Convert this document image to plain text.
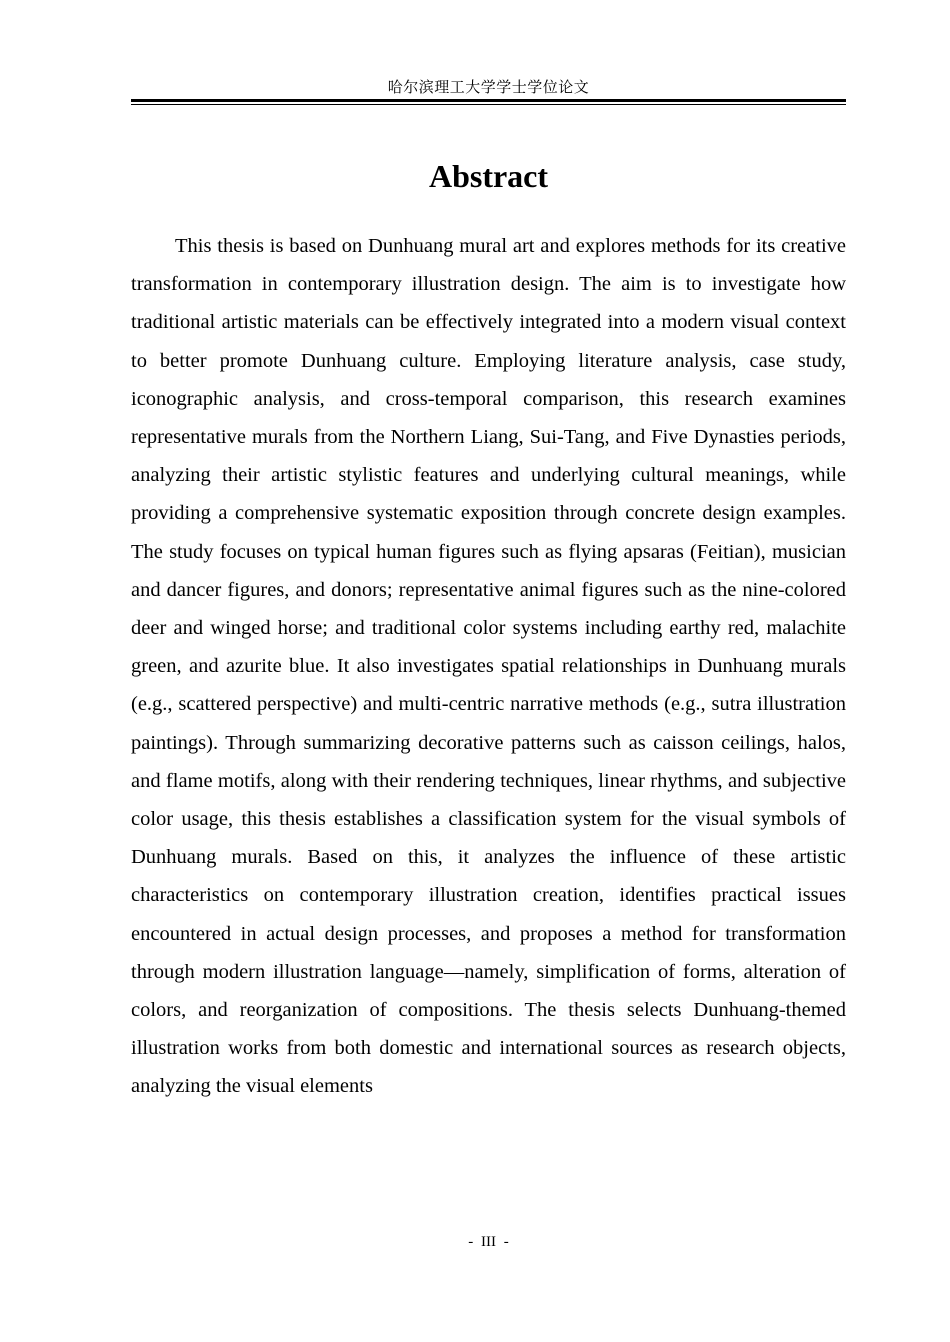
哈尔滨理工大学学士学位论文
Abstract

This thesis is based on Dunhuang mural art and explores methods for its creative transformation in contemporary illustration design. The aim is to investigate how traditional artistic materials can be effectively integrated into a modern visual context to better promote Dunhuang culture. Employing literature analysis, case study, iconographic analysis, and cross-temporal comparison, this research examines representative murals from the Northern Liang, Sui-Tang, and Five Dynasties periods, analyzing their artistic stylistic features and underlying cultural meanings, while providing a comprehensive systematic exposition through concrete design examples. The study focuses on typical human figures such as flying apsaras (Feitian), musician and dancer figures, and donors; representative animal figures such as the nine-colored deer and winged horse; and traditional color systems including earthy red, malachite green, and azurite blue. It also investigates spatial relationships in Dunhuang murals (e.g., scattered perspective) and multi-centric narrative methods (e.g., sutra illustration paintings). Through summarizing decorative patterns such as caisson ceilings, halos, and flame motifs, along with their rendering techniques, linear rhythms, and subjective color usage, this thesis establishes a classification system for the visual symbols of Dunhuang murals. Based on this, it analyzes the influence of these artistic characteristics on contemporary illustration creation, identifies practical issues encountered in actual design processes, and proposes a method for transformation through modern illustration language—namely, simplification of forms, alteration of colors, and reorganization of compositions. The thesis selects Dunhuang-themed illustration works from both domestic and international sources as research objects, analyzing the visual elements

- III -
